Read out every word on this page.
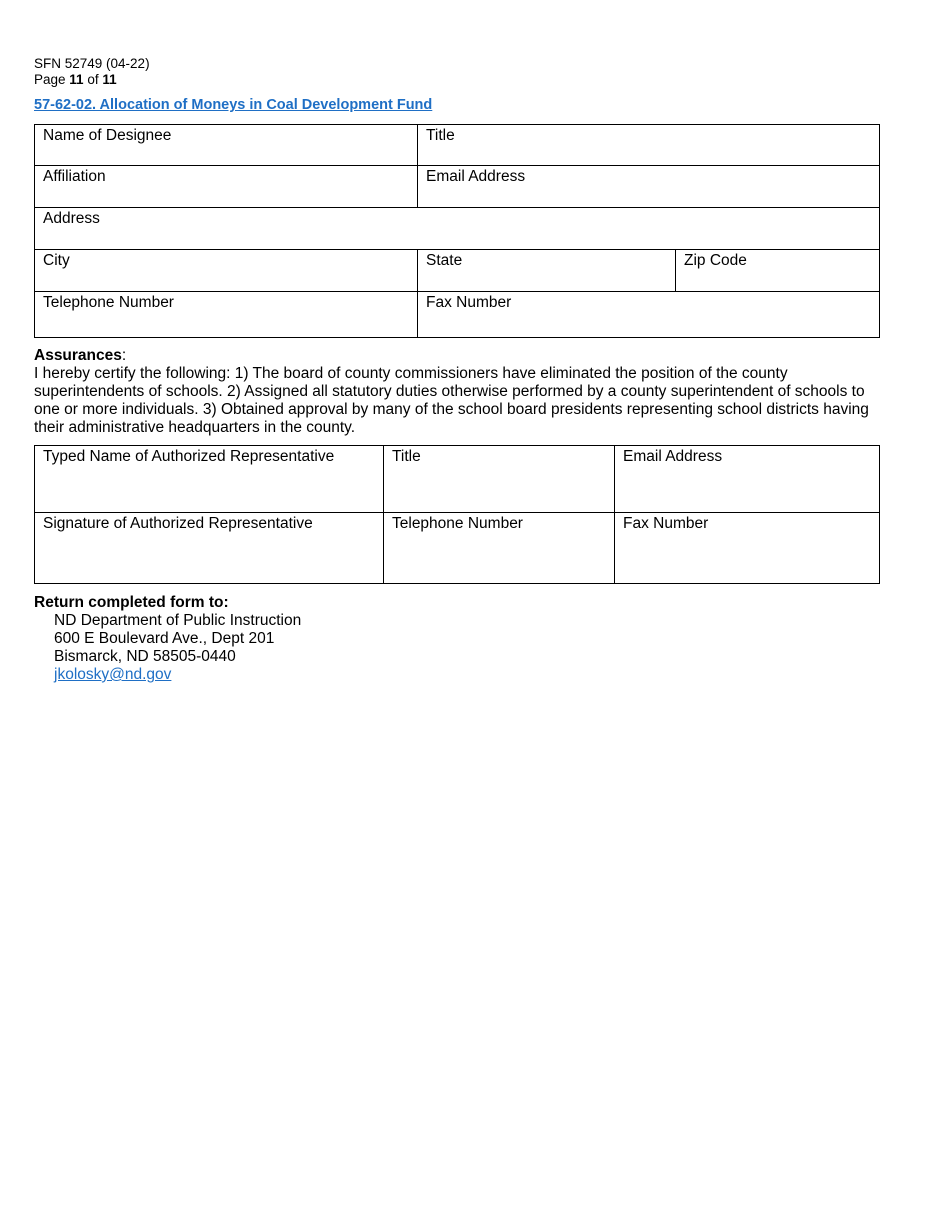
SFN 52749 (04-22)
Page 11 of 11
57-62-02. Allocation of Moneys in Coal Development Fund
Name of Designee	Title	
Affiliation	Email Address	
Address		
City	State	Zip Code
Telephone Number	Fax Number	
Assurances:
I hereby certify the following: 1) The board of county commissioners have eliminated the position of the county superintendents of schools. 2) Assigned all statutory duties otherwise performed by a county superintendent of schools to one or more individuals. 3) Obtained approval by many of the school board presidents representing school districts having their administrative headquarters in the county.
Typed Name of Authorized Representative	Title	Email Address
Signature of Authorized Representative	Telephone Number	Fax Number
Return completed form to:
ND Department of Public Instruction
600 E Boulevard Ave., Dept 201
Bismarck, ND 58505-0440
jkolosky@nd.gov
